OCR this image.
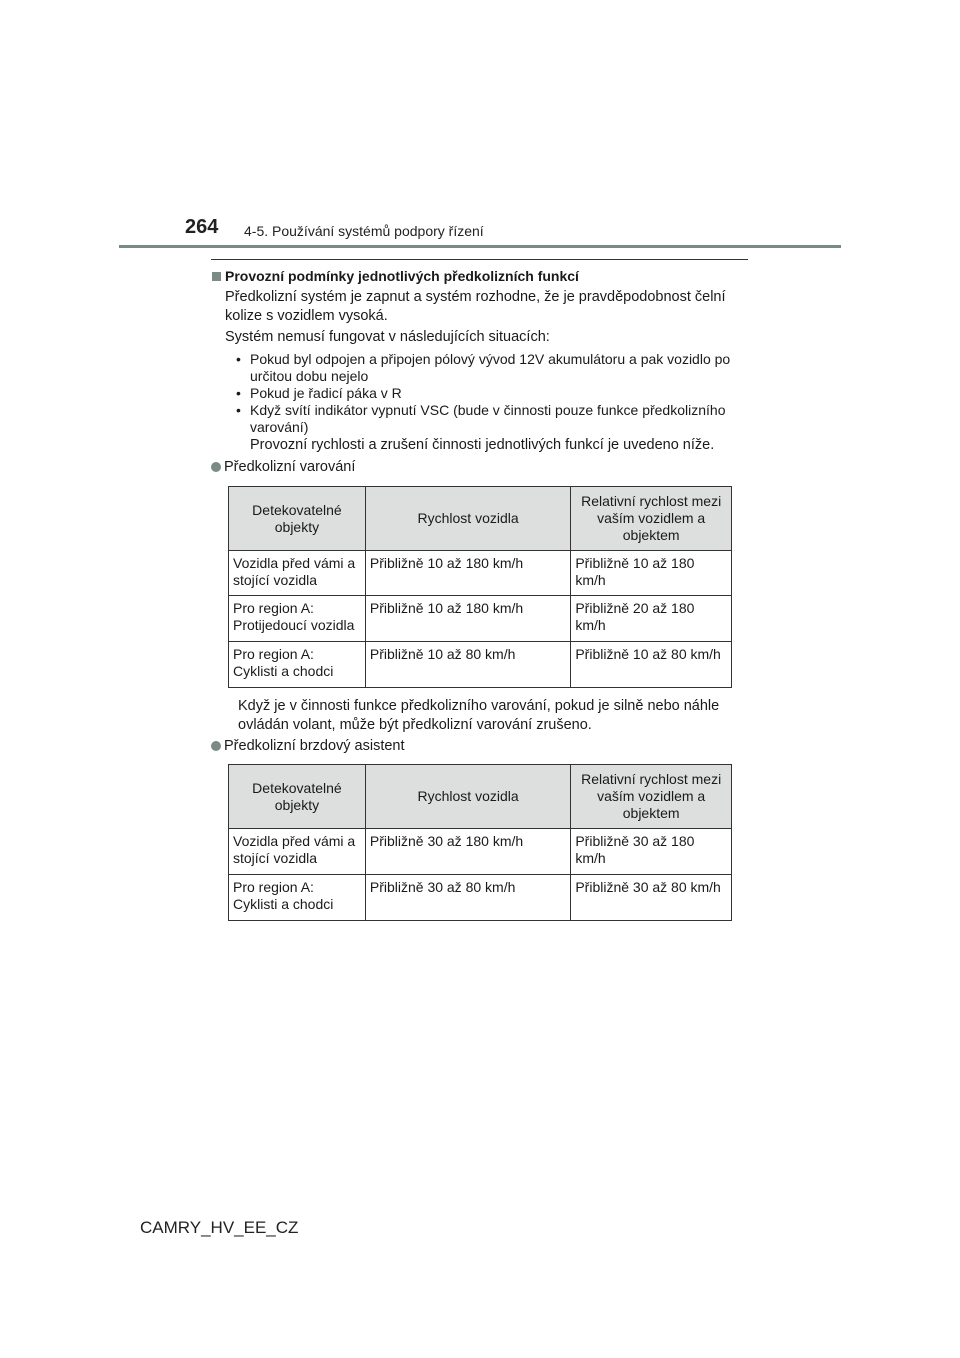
264 4-5. Používání systémů podpory řízení
Provozní podmínky jednotlivých předkolizních funkcí
Předkolizní systém je zapnut a systém rozhodne, že je pravděpodobnost čelní kolize s vozidlem vysoká.
Systém nemusí fungovat v následujících situacích:
• Pokud byl odpojen a připojen pólový vývod 12V akumulátoru a pak vozidlo po určitou dobu nejelo
• Pokud je řadicí páka v R
• Když svítí indikátor vypnutí VSC (bude v činnosti pouze funkce předkolizního varování)
Provozní rychlosti a zrušení činnosti jednotlivých funkcí je uvedeno níže.
Předkolizní varování
Detekovatelné objekty	Rychlost vozidla	Relativní rychlost mezi vaším vozidlem a objektem
Vozidla před vámi a stojící vozidla	Přibližně 10 až 180 km/h	Přibližně 10 až 180 km/h
Pro region A: Protijedoucí vozidla	Přibližně 10 až 180 km/h	Přibližně 20 až 180 km/h
Pro region A: Cyklisti a chodci	Přibližně 10 až 80 km/h	Přibližně 10 až 80 km/h
Když je v činnosti funkce předkolizního varování, pokud je silně nebo náhle ovládán volant, může být předkolizní varování zrušeno.
Předkolizní brzdový asistent
Detekovatelné objekty	Rychlost vozidla	Relativní rychlost mezi vaším vozidlem a objektem
Vozidla před vámi a stojící vozidla	Přibližně 30 až 180 km/h	Přibližně 30 až 180 km/h
Pro region A: Cyklisti a chodci	Přibližně 30 až 80 km/h	Přibližně 30 až 80 km/h
CAMRY_HV_EE_CZ
